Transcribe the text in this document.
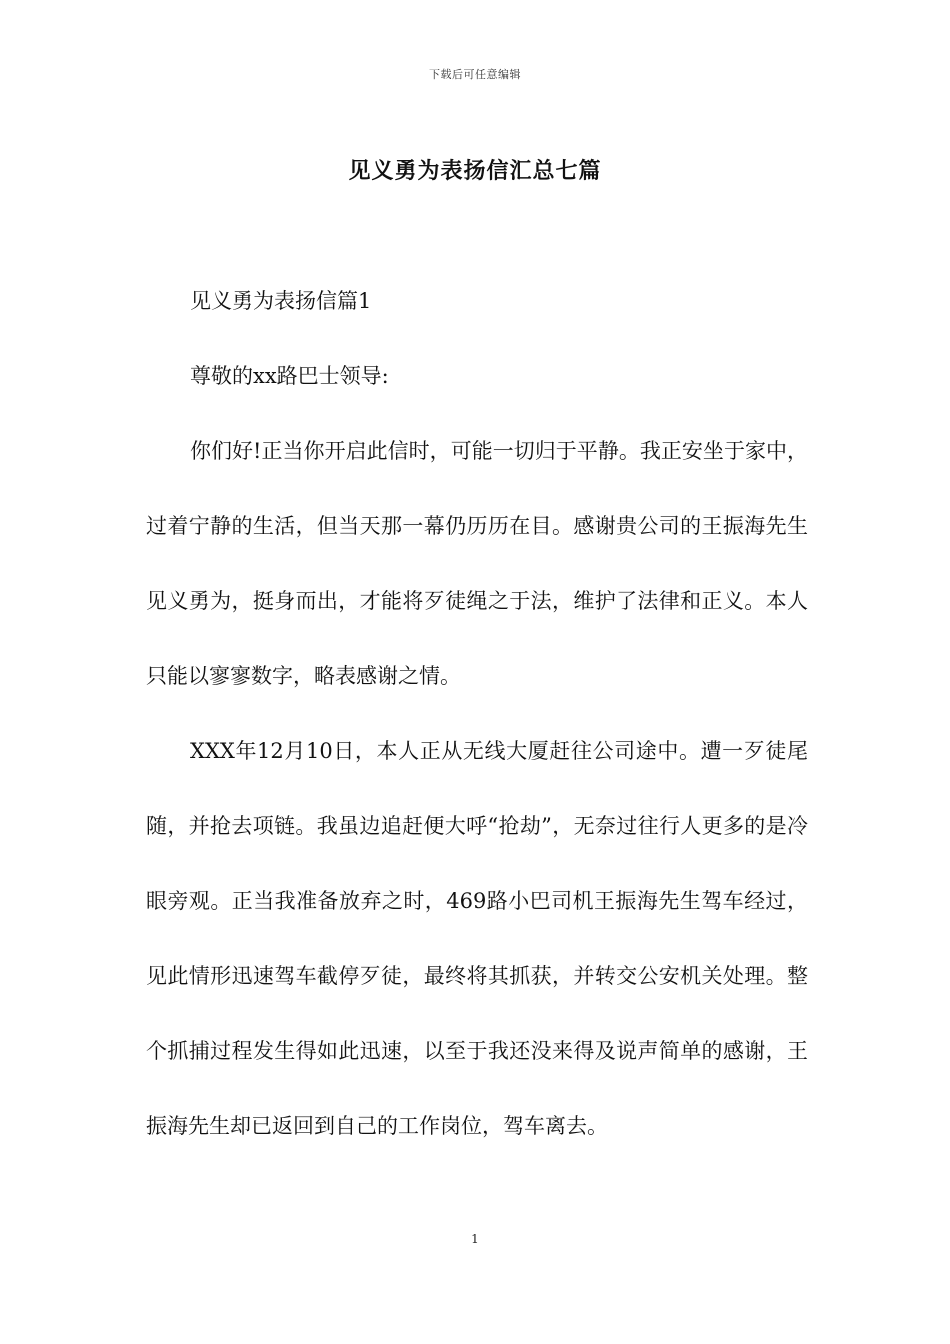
下载后可任意编辑
见义勇为表扬信汇总七篇
见义勇为表扬信篇1
尊敬的xx路巴士领导:
你们好!正当你开启此信时，可能一切归于平静。我正安坐于家中，过着宁静的生活，但当天那一幕仍历历在目。感谢贵公司的王振海先生见义勇为，挺身而出，才能将歹徒绳之于法，维护了法律和正义。本人只能以寥寥数字，略表感谢之情。
XXX年12月10日，本人正从无线大厦赶往公司途中。遭一歹徒尾随，并抢去项链。我虽边追赶便大呼“抢劫”，无奈过往行人更多的是冷眼旁观。正当我准备放弃之时，469路小巴司机王振海先生驾车经过，见此情形迅速驾车截停歹徒，最终将其抓获，并转交公安机关处理。整个抓捕过程发生得如此迅速，以至于我还没来得及说声简单的感谢，王振海先生却已返回到自己的工作岗位，驾车离去。
1
